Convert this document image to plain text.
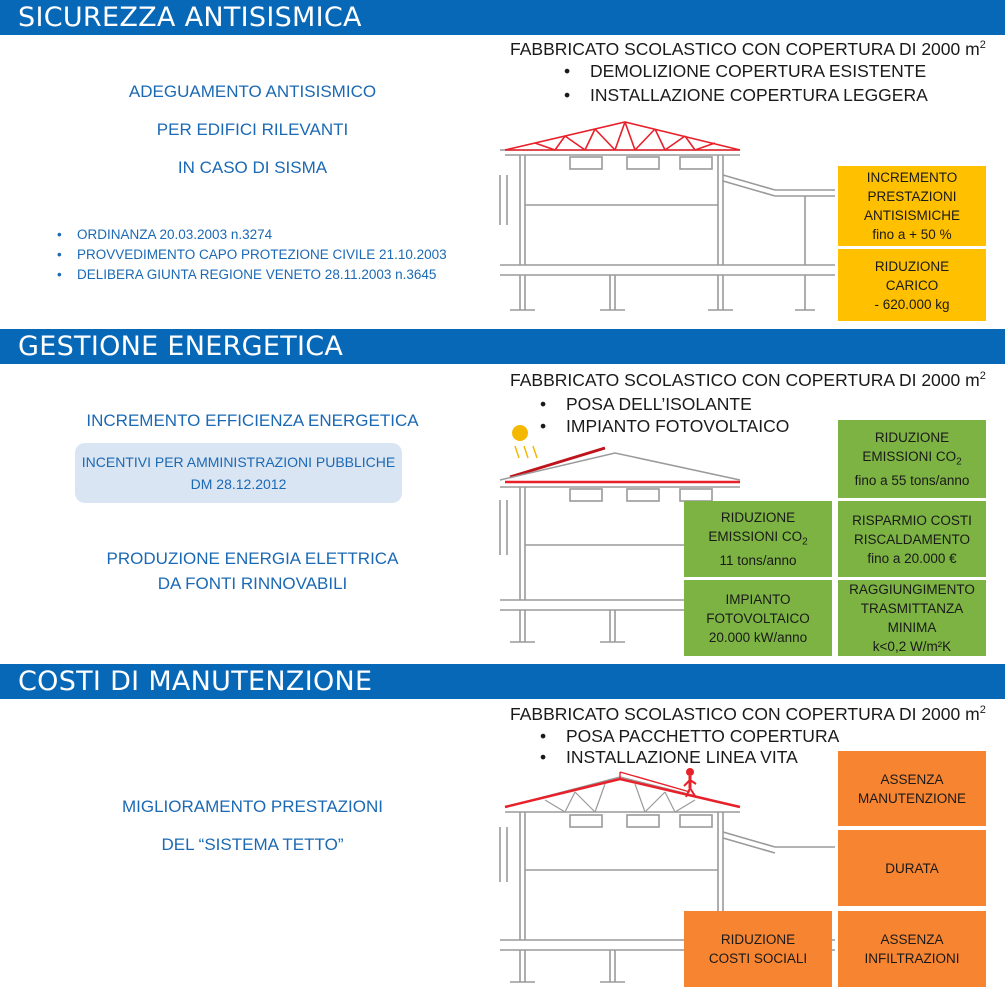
SICUREZZA ANTISISMICA
ADEGUAMENTO ANTISISMICO
PER EDIFICI RILEVANTI
IN CASO DI SISMA
• ORDINANZA 20.03.2003 n.3274
• PROVVEDIMENTO CAPO PROTEZIONE CIVILE 21.10.2003
• DELIBERA GIUNTA REGIONE VENETO 28.11.2003 n.3645
FABBRICATO SCOLASTICO CON COPERTURA DI 2000 $m^2$
• DEMOLIZIONE COPERTURA ESISTENTE
• INSTALLAZIONE COPERTURA LEGGERA
INCREMENTO
PRESTAZIONI
ANTISISMICHE
fino a + 50 %
RIDUZIONE
CARICO
- 620.000 kg
GESTIONE ENERGETICA
INCREMENTO EFFICIENZA ENERGETICA
INCENTIVI PER AMMINISTRAZIONI PUBBLICHE
DM 28.12.2012
PRODUZIONE ENERGIA ELETTRICA
DA FONTI RINNOVABILI
FABBRICATO SCOLASTICO CON COPERTURA DI 2000 $m^2$
• POSA DELL’ISOLANTE
• IMPIANTO FOTOVOLTAICO
RIDUZIONE
EMISSIONI $CO_2$
fino a 55 tons/anno
RIDUZIONE
EMISSIONI $CO_2$
11 tons/anno
RISPARMIO COSTI
RISCALDAMENTO
fino a 20.000 €
IMPIANTO
FOTOVOLTAICO
20.000 kW/anno
RAGGIUNGIMENTO
TRASMITTANZA
MINIMA
k<0,2 W/m²K
COSTI DI MANUTENZIONE
MIGLIORAMENTO PRESTAZIONI
DEL “SISTEMA TETTO”
FABBRICATO SCOLASTICO CON COPERTURA DI 2000 $m^2$
• POSA PACCHETTO COPERTURA
• INSTALLAZIONE LINEA VITA
ASSENZA
MANUTENZIONE
DURATA
RIDUZIONE
COSTI SOCIALI
ASSENZA
INFILTRAZIONI
